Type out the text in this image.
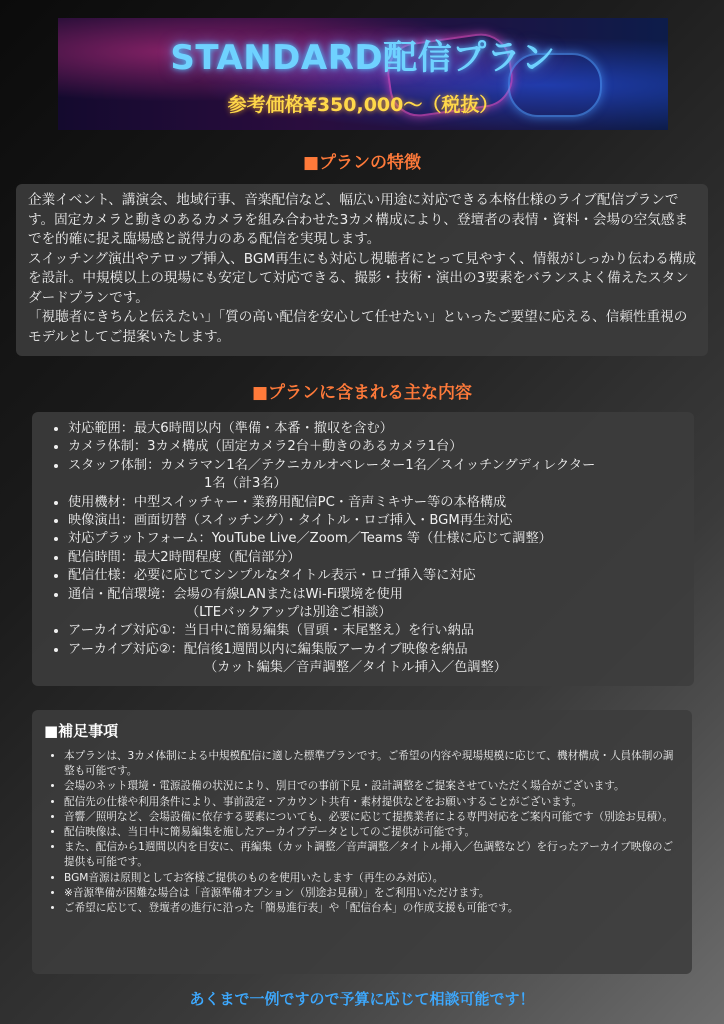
STANDARD配信プラン
参考価格¥350,000〜（税抜）
■プランの特徴

企業イベント、講演会、地域行事、音楽配信など、幅広い用途に対応できる本格仕様のライブ配信プランです。固定カメラと動きのあるカメラを組み合わせた3カメ構成により、登壇者の表情・資料・会場の空気感までを的確に捉え臨場感と説得力のある配信を実現します。

スイッチング演出やテロップ挿入、BGM再生にも対応し視聴者にとって見やすく、情報がしっかり伝わる構成を設計。中規模以上の現場にも安定して対応できる、撮影・技術・演出の3要素をバランスよく備えたスタンダードプランです。

「視聴者にきちんと伝えたい」「質の高い配信を安心して任せたい」といったご要望に応える、信頼性重視のモデルとしてご提案いたします。

■プランに含まれる主な内容
• 対応範囲：最大6時間以内（準備・本番・撤収を含む）
• カメラ体制：3カメ構成（固定カメラ2台＋動きのあるカメラ1台）
• スタッフ体制：カメラマン1名／テクニカルオペレーター1名／スイッチングディレクター
1名（計3名）
• 使用機材：中型スイッチャー・業務用配信PC・音声ミキサー等の本格構成
• 映像演出：画面切替（スイッチング）・タイトル・ロゴ挿入・BGM再生対応
• 対応プラットフォーム：YouTube Live／Zoom／Teams 等（仕様に応じて調整）
• 配信時間：最大2時間程度（配信部分）
• 配信仕様：必要に応じてシンプルなタイトル表示・ロゴ挿入等に対応
• 通信・配信環境：会場の有線LANまたはWi-Fi環境を使用
（LTEバックアップは別途ご相談）
• アーカイブ対応①：当日中に簡易編集（冒頭・末尾整え）を行い納品
• アーカイブ対応②：配信後1週間以内に編集版アーカイブ映像を納品
（カット編集／音声調整／タイトル挿入／色調整）
■補足事項
• 本プランは、3カメ体制による中規模配信に適した標準プランです。ご希望の内容や現場規模に応じて、機材構成・人員体制の調整も可能です。
• 会場のネット環境・電源設備の状況により、別日での事前下見・設計調整をご提案させていただく場合がございます。
• 配信先の仕様や利用条件により、事前設定・アカウント共有・素材提供などをお願いすることがございます。
• 音響／照明など、会場設備に依存する要素についても、必要に応じて提携業者による専門対応をご案内可能です（別途お見積）。
• 配信映像は、当日中に簡易編集を施したアーカイブデータとしてのご提供が可能です。
• また、配信から1週間以内を目安に、再編集（カット調整／音声調整／タイトル挿入／色調整など）を行ったアーカイブ映像のご提供も可能です。
• BGM音源は原則としてお客様ご提供のものを使用いたします（再生のみ対応）。
• ※音源準備が困難な場合は「音源準備オプション（別途お見積）」をご利用いただけます。
• ご希望に応じて、登壇者の進行に沿った「簡易進行表」や「配信台本」の作成支援も可能です。
あくまで一例ですので予算に応じて相談可能です！
